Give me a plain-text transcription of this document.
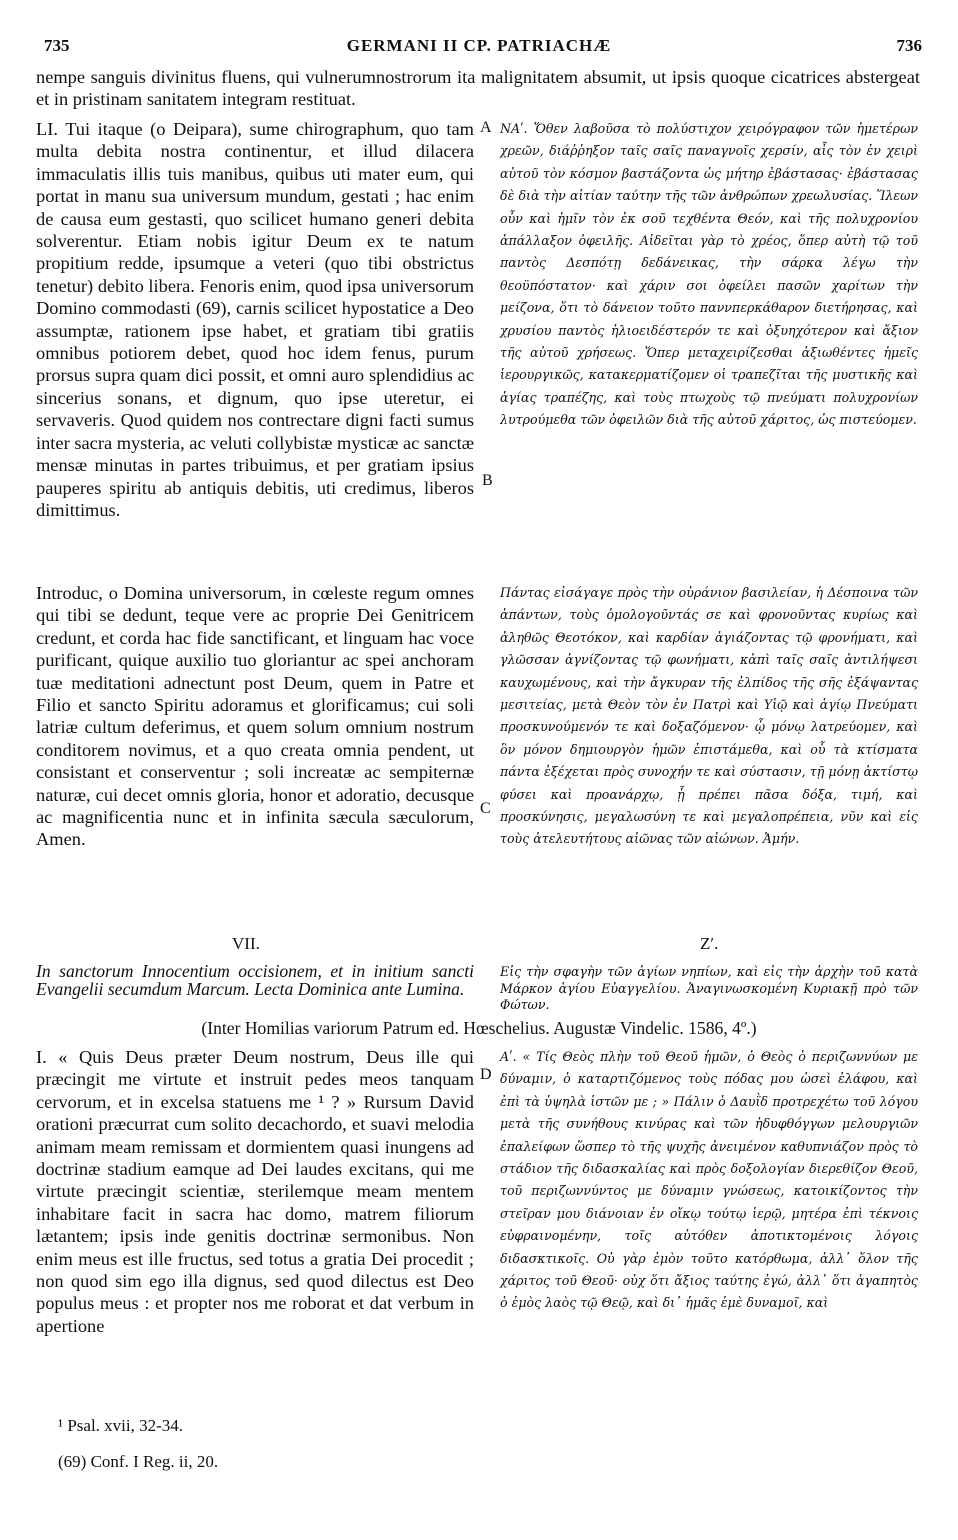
735	GERMANI II CP. PATRIACHÆ	736
nempe sanguis divinitus fluens, qui vulnerumnostrorum ita malignitatem absumit, ut ipsis quoque cicatrices abstergeat et in pristinam sanitatem integram restituat.

LI. Tui itaque (o Deipara), sume chirographum, quo tam multa debita nostra continentur, et illud dilacera immaculatis illis tuis manibus, quibus uti mater eum, qui portat in manu sua universum mundum, gestati ; hac enim de causa eum gestasti, quo scilicet humano generi debita solverentur. Etiam nobis igitur Deum ex te natum propitium redde, ipsumque a veteri (quo tibi obstrictus tenetur) debito libera. Fenoris enim, quod ipsa universorum Domino commodasti (69), carnis scilicet hypostatice a Deo assumptæ, rationem ipse habet, et gratiam tibi gratiis omnibus potiorem debet, quod hoc idem fenus, purum prorsus supra quam dici possit, et omni auro splendidius ac sincerius sonans, et dignum, quo ipse uteretur, ei servaveris. Quod quidem nos contrectare digni facti sumus inter sacra mysteria, ac veluti collybistæ mysticæ ac sanctæ mensæ minutas in partes tribuimus, et per gratiam ipsius pauperes spiritu ab antiquis debitis, uti credimus, liberos dimittimus.

ΝΑʹ. Ὅθεν λαβοῦσα τὸ πολύστιχον χειρόγραφον τῶν ἡμετέρων χρεῶν, διάῤῥηξον ταῖς σαῖς παναγνοῖς χερσίν, αἷς τὸν ἐν χειρὶ αὐτοῦ τὸν κόσμον βαστάζοντα ὡς μήτηρ ἐβάστασας· ἐβάστασας δὲ διὰ τὴν αἰτίαν ταύτην τῆς τῶν ἀνθρώπων χρεωλυσίας. Ἵλεων οὖν καὶ ἡμῖν τὸν ἐκ σοῦ τεχθέντα Θεόν, καὶ τῆς πολυχρονίου ἀπάλλαξον ὀφειλῆς. Αἰδεῖται γὰρ τὸ χρέος, ὅπερ αὐτὴ τῷ τοῦ παντὸς Δεσπότῃ δεδάνεικας, τὴν σάρκα λέγω τὴν θεοϋπόστατον· καὶ χάριν σοι ὀφείλει πασῶν χαρίτων τὴν μείζονα, ὅτι τὸ δάνειον τοῦτο παννπερκάθαρον διετήρησας, καὶ χρυσίου παντὸς ἡλιοειδέστερόν τε καὶ ὀξυηχότερον καὶ ἄξιον τῆς αὐτοῦ χρήσεως. Ὅπερ μεταχειρίζεσθαι ἀξιωθέντες ἡμεῖς ἱερουργικῶς, κατακερματίζομεν οἱ τραπεζῖται τῆς μυστικῆς καὶ ἁγίας τραπέζης, καὶ τοὺς πτωχοὺς τῷ πνεύματι πολυχρονίων λυτρούμεθα τῶν ὀφειλῶν διὰ τῆς αὐτοῦ χάριτος, ὡς πιστεύομεν.

Introduc, o Domina universorum, in cœleste regum omnes qui tibi se dedunt, teque vere ac proprie Dei Genitricem credunt, et corda hac fide sanctificant, et linguam hac voce purificant, quique auxilio tuo gloriantur ac spei anchoram tuæ meditationi adnectunt post Deum, quem in Patre et Filio et sancto Spiritu adoramus et glorificamus; cui soli latriæ cultum deferimus, et quem solum omnium nostrum conditorem novimus, et a quo creata omnia pendent, ut consistant et conserventur ; soli increatæ ac sempiternæ naturæ, cui decet omnis gloria, honor et adoratio, decusque ac magnificentia nunc et in infinita sæcula sæculorum, Amen.

Πάντας εἰσάγαγε πρὸς τὴν οὐράνιον βασιλείαν, ἡ Δέσποινα τῶν ἁπάντων, τοὺς ὁμολογοῦντάς σε καὶ φρονοῦντας κυρίως καὶ ἀληθῶς Θεοτόκον, καὶ καρδίαν ἁγιάζοντας τῷ φρονήματι, καὶ γλῶσσαν ἁγνίζοντας τῷ φωνήματι, κἀπὶ ταῖς σαῖς ἀντιλήψεσι καυχωμένους, καὶ τὴν ἄγκυραν τῆς ἐλπίδος τῆς σῆς ἐξάψαντας μεσιτείας, μετὰ Θεὸν τὸν ἐν Πατρὶ καὶ Υἱῷ καὶ ἁγίῳ Πνεύματι προσκυνούμενόν τε καὶ δοξαζόμενον· ᾧ μόνῳ λατρεύομεν, καὶ ὃν μόνον δημιουργὸν ἡμῶν ἐπιστάμεθα, καὶ οὗ τὰ κτίσματα πάντα ἐξέχεται πρὸς συνοχήν τε καὶ σύστασιν, τῇ μόνῃ ἀκτίστῳ φύσει καὶ προανάρχῳ, ᾗ πρέπει πᾶσα δόξα, τιμή, καὶ προσκύνησις, μεγαλωσύνη τε καὶ μεγαλοπρέπεια, νῦν καὶ εἰς τοὺς ἀτελευτήτους αἰῶνας τῶν αἰώνων. Ἀμήν.

A
B
C
D
VII.	Ζʹ.
In sanctorum Innocentium occisionem, et in initium sancti Evangelii secumdum Marcum. Lecta Dominica ante Lumina.
Εἰς τὴν σφαγὴν τῶν ἁγίων νηπίων, καὶ εἰς τὴν ἀρχὴν τοῦ κατὰ Μάρκον ἁγίου Εὐαγγελίου. Ἀναγινωσκομένη Κυριακῇ πρὸ τῶν Φώτων.
(Inter Homilias variorum Patrum ed. Hœschelius. Augustæ Vindelic. 1586, 4º.)

I. « Quis Deus præter Deum nostrum, Deus ille qui præcingit me virtute et instruit pedes meos tanquam cervorum, et in excelsa statuens me ¹ ? » Rursum David orationi præcurrat cum solito decachordo, et suavi melodia animam meam remissam et dormientem quasi inungens ad doctrinæ stadium eamque ad Dei laudes excitans, qui me virtute præcingit scientiæ, sterilemque meam mentem inhabitare facit in sacra hac domo, matrem filiorum lætantem; ipsis inde genitis doctrinæ sermonibus. Non enim meus est ille fructus, sed totus a gratia Dei procedit ; non quod sim ego illa dignus, sed quod dilectus est Deo populus meus : et propter nos me roborat et dat verbum in apertione

Αʹ. « Τίς Θεὸς πλὴν τοῦ Θεοῦ ἡμῶν, ὁ Θεὸς ὁ περιζωννύων με δύναμιν, ὁ καταρτιζόμενος τοὺς πόδας μου ὡσεὶ ἐλάφου, καὶ ἐπὶ τὰ ὑψηλὰ ἱστῶν με ; » Πάλιν ὁ Δαυῒδ προτρεχέτω τοῦ λόγου μετὰ τῆς συνήθους κινύρας καὶ τῶν ἡδυφθόγγων μελουργιῶν ἐπαλείφων ὥσπερ τὸ τῆς ψυχῆς ἀνειμένον καθυπνιάζον πρὸς τὸ στάδιον τῆς διδασκαλίας καὶ πρὸς δοξολογίαν διερεθίζον Θεοῦ, τοῦ περιζωννύντος με δύναμιν γνώσεως, κατοικίζοντος τὴν στεῖραν μου διάνοιαν ἐν οἴκῳ τούτῳ ἱερῷ, μητέρα ἐπὶ τέκνοις εὐφραινομένην, τοῖς αὐτόθεν ἀποτικτομένοις λόγοις διδασκτικοῖς. Οὐ γὰρ ἐμὸν τοῦτο κατόρθωμα, ἀλλ᾿ ὅλον τῆς χάριτος τοῦ Θεοῦ· οὐχ ὅτι ἄξιος ταύτης ἐγώ, ἀλλ᾿ ὅτι ἀγαπητὸς ὁ ἐμὸς λαὸς τῷ Θεῷ, καὶ δι᾿ ἡμᾶς ἐμὲ δυναμοῖ, καὶ

¹ Psal. xvii, 32-34.
(69) Conf. I Reg. ii, 20.
